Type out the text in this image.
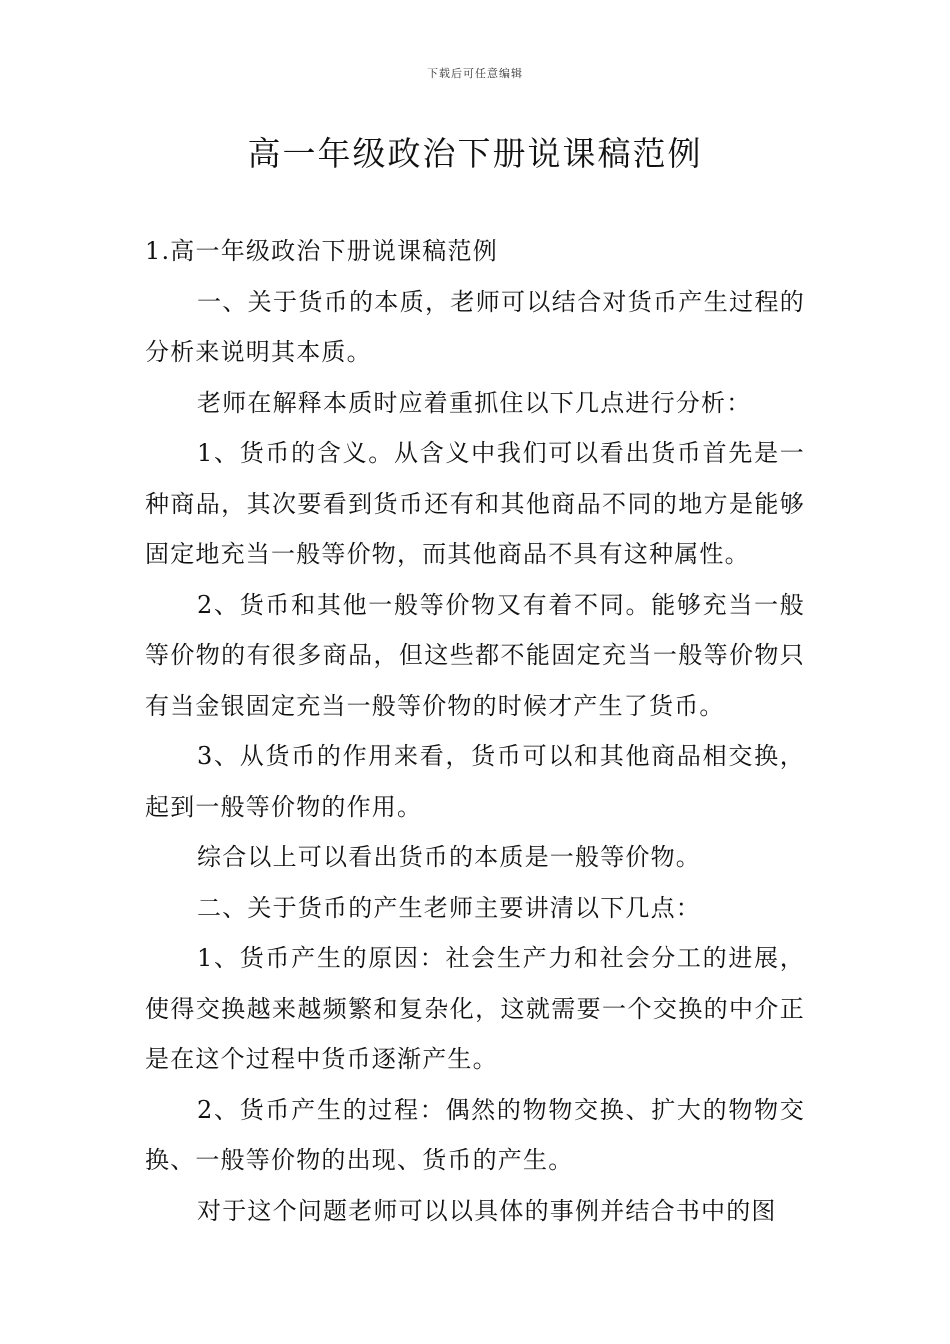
下载后可任意编辑
高一年级政治下册说课稿范例

1.高一年级政治下册说课稿范例

一、关于货币的本质，老师可以结合对货币产生过程的分析来说明其本质。

老师在解释本质时应着重抓住以下几点进行分析：

1、货币的含义。从含义中我们可以看出货币首先是一种商品，其次要看到货币还有和其他商品不同的地方是能够固定地充当一般等价物，而其他商品不具有这种属性。

2、货币和其他一般等价物又有着不同。能够充当一般等价物的有很多商品，但这些都不能固定充当一般等价物只有当金银固定充当一般等价物的时候才产生了货币。

3、从货币的作用来看，货币可以和其他商品相交换，起到一般等价物的作用。

综合以上可以看出货币的本质是一般等价物。

二、关于货币的产生老师主要讲清以下几点：

1、货币产生的原因：社会生产力和社会分工的进展，使得交换越来越频繁和复杂化，这就需要一个交换的中介正是在这个过程中货币逐渐产生。

2、货币产生的过程：偶然的物物交换、扩大的物物交换、一般等价物的出现、货币的产生。

对于这个问题老师可以以具体的事例并结合书中的图
